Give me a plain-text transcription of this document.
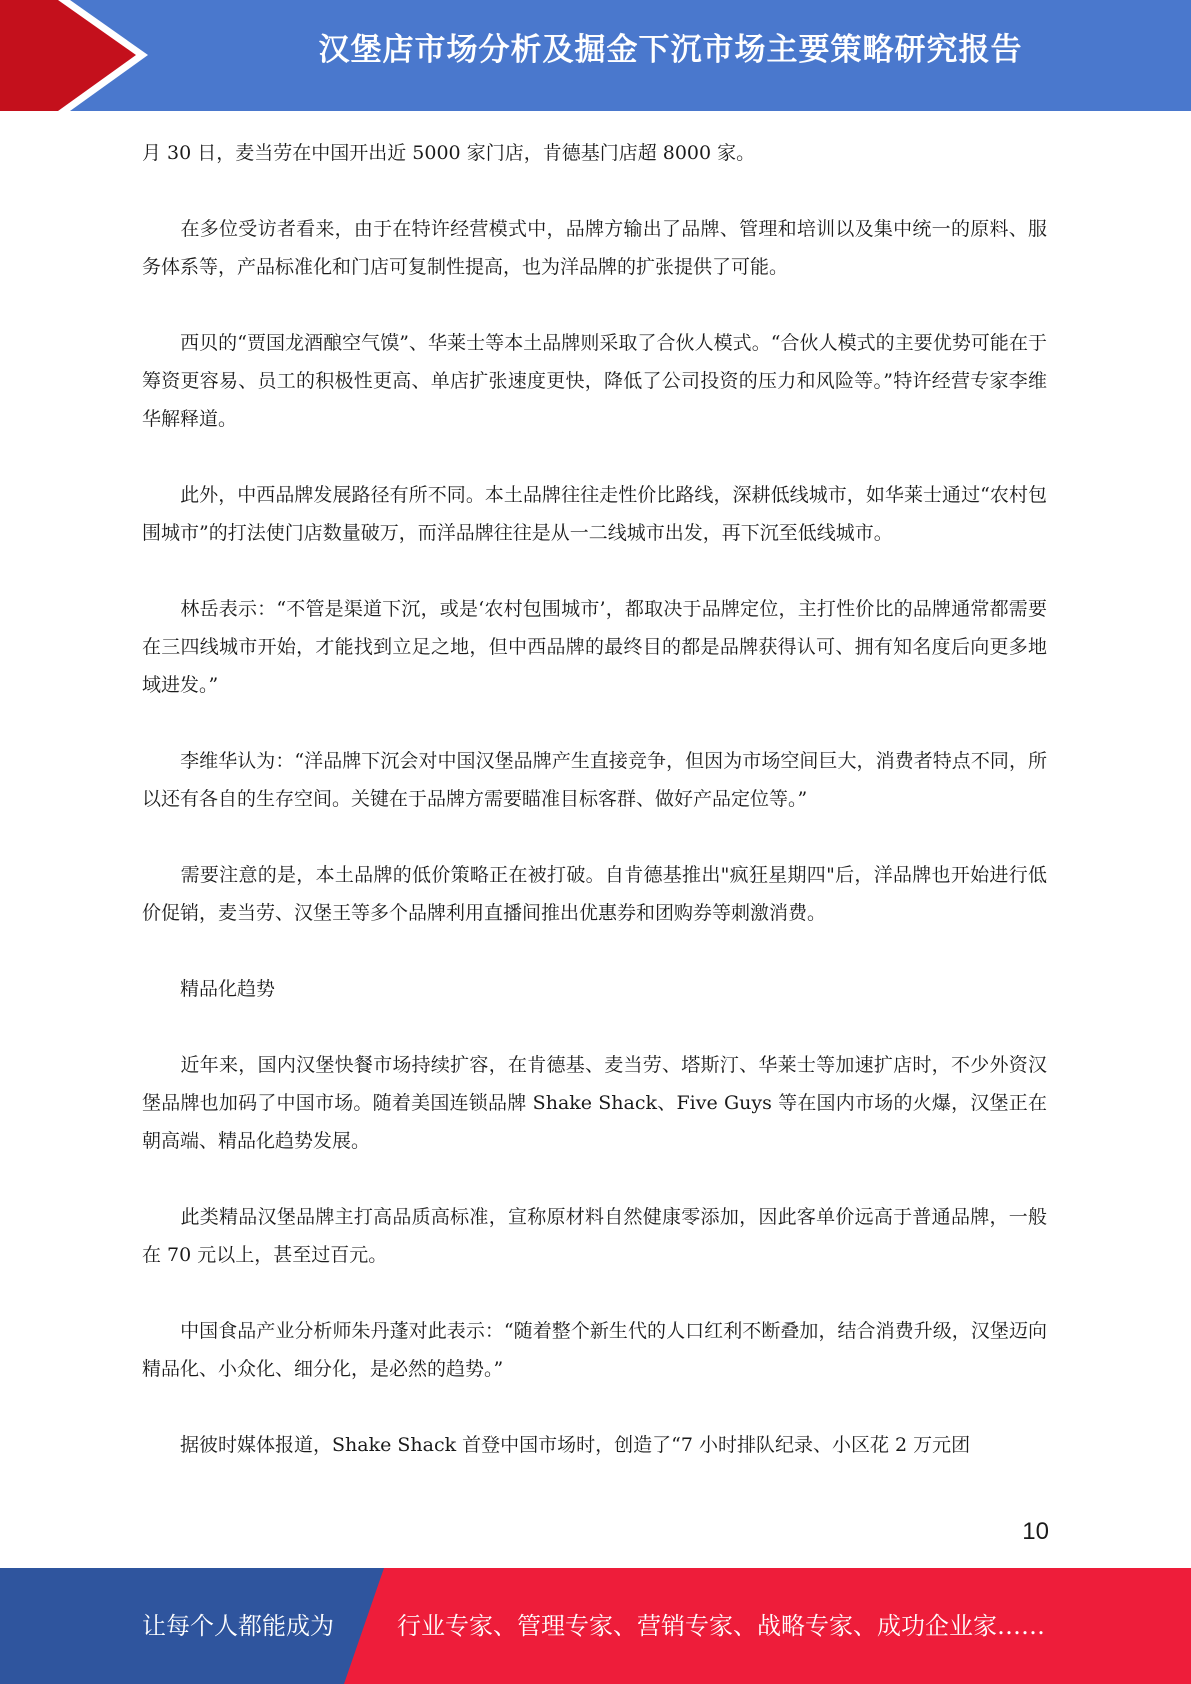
汉堡店市场分析及掘金下沉市场主要策略研究报告

月 30 日，麦当劳在中国开出近 5000 家门店，肯德基门店超 8000 家。

　　在多位受访者看来，由于在特许经营模式中，品牌方输出了品牌、管理和培训以及集中统一的原料、服务体系等，产品标准化和门店可复制性提高，也为洋品牌的扩张提供了可能。

　　西贝的“贾国龙酒酿空气馍”、华莱士等本土品牌则采取了合伙人模式。“合伙人模式的主要优势可能在于筹资更容易、员工的积极性更高、单店扩张速度更快，降低了公司投资的压力和风险等。”特许经营专家李维华解释道。

　　此外，中西品牌发展路径有所不同。本土品牌往往走性价比路线，深耕低线城市，如华莱士通过“农村包围城市”的打法使门店数量破万，而洋品牌往往是从一二线城市出发，再下沉至低线城市。

　　林岳表示：“不管是渠道下沉，或是‘农村包围城市’，都取决于品牌定位，主打性价比的品牌通常都需要在三四线城市开始，才能找到立足之地，但中西品牌的最终目的都是品牌获得认可、拥有知名度后向更多地域进发。”

　　李维华认为：“洋品牌下沉会对中国汉堡品牌产生直接竞争，但因为市场空间巨大，消费者特点不同，所以还有各自的生存空间。关键在于品牌方需要瞄准目标客群、做好产品定位等。”

　　需要注意的是，本土品牌的低价策略正在被打破。自肯德基推出"疯狂星期四"后，洋品牌也开始进行低价促销，麦当劳、汉堡王等多个品牌利用直播间推出优惠券和团购券等刺激消费。

　　精品化趋势

　　近年来，国内汉堡快餐市场持续扩容，在肯德基、麦当劳、塔斯汀、华莱士等加速扩店时，不少外资汉堡品牌也加码了中国市场。随着美国连锁品牌 Shake Shack、Five Guys 等在国内市场的火爆，汉堡正在朝高端、精品化趋势发展。

　　此类精品汉堡品牌主打高品质高标准，宣称原材料自然健康零添加，因此客单价远高于普通品牌，一般在 70 元以上，甚至过百元。

　　中国食品产业分析师朱丹蓬对此表示：“随着整个新生代的人口红利不断叠加，结合消费升级，汉堡迈向精品化、小众化、细分化，是必然的趋势。”

　　据彼时媒体报道，Shake Shack 首登中国市场时，创造了“7 小时排队纪录、小区花 2 万元团

10
让每个人都能成为	行业专家、管理专家、营销专家、战略专家、成功企业家……
